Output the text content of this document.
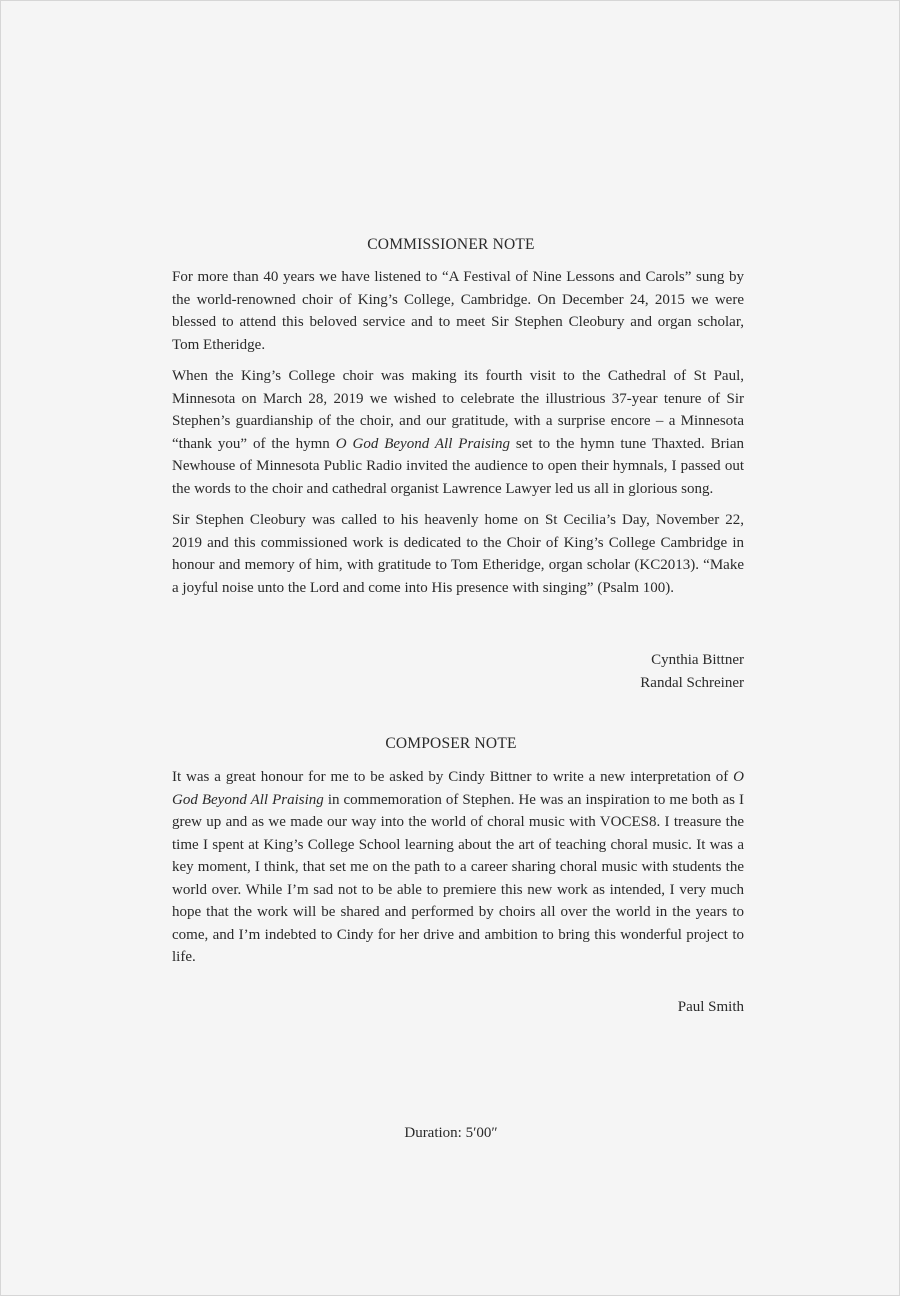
COMMISSIONER NOTE

For more than 40 years we have listened to “A Festival of Nine Lessons and Carols” sung by the world-renowned choir of King’s College, Cambridge. On December 24, 2015 we were blessed to attend this beloved service and to meet Sir Stephen Cleobury and organ scholar, Tom Etheridge.

When the King’s College choir was making its fourth visit to the Cathedral of St Paul, Minnesota on March 28, 2019 we wished to celebrate the illustrious 37-year tenure of Sir Stephen’s guardianship of the choir, and our gratitude, with a surprise encore – a Minnesota “thank you” of the hymn O God Beyond All Praising set to the hymn tune Thaxted. Brian Newhouse of Minnesota Public Radio invited the audience to open their hymnals, I passed out the words to the choir and cathedral organist Lawrence Lawyer led us all in glorious song.

Sir Stephen Cleobury was called to his heavenly home on St Cecilia’s Day, November 22, 2019 and this commissioned work is dedicated to the Choir of King’s College Cambridge in honour and memory of him, with gratitude to Tom Etheridge, organ scholar (KC2013). “Make a joyful noise unto the Lord and come into His presence with singing” (Psalm 100).

Cynthia Bittner
Randal Schreiner
COMPOSER NOTE

It was a great honour for me to be asked by Cindy Bittner to write a new interpretation of O God Beyond All Praising in commemoration of Stephen. He was an inspiration to me both as I grew up and as we made our way into the world of choral music with VOCES8. I treasure the time I spent at King’s College School learning about the art of teaching choral music. It was a key moment, I think, that set me on the path to a career sharing choral music with students the world over. While I’m sad not to be able to premiere this new work as intended, I very much hope that the work will be shared and performed by choirs all over the world in the years to come, and I’m indebted to Cindy for her drive and ambition to bring this wonderful project to life.

Paul Smith
Duration: 5′00″
